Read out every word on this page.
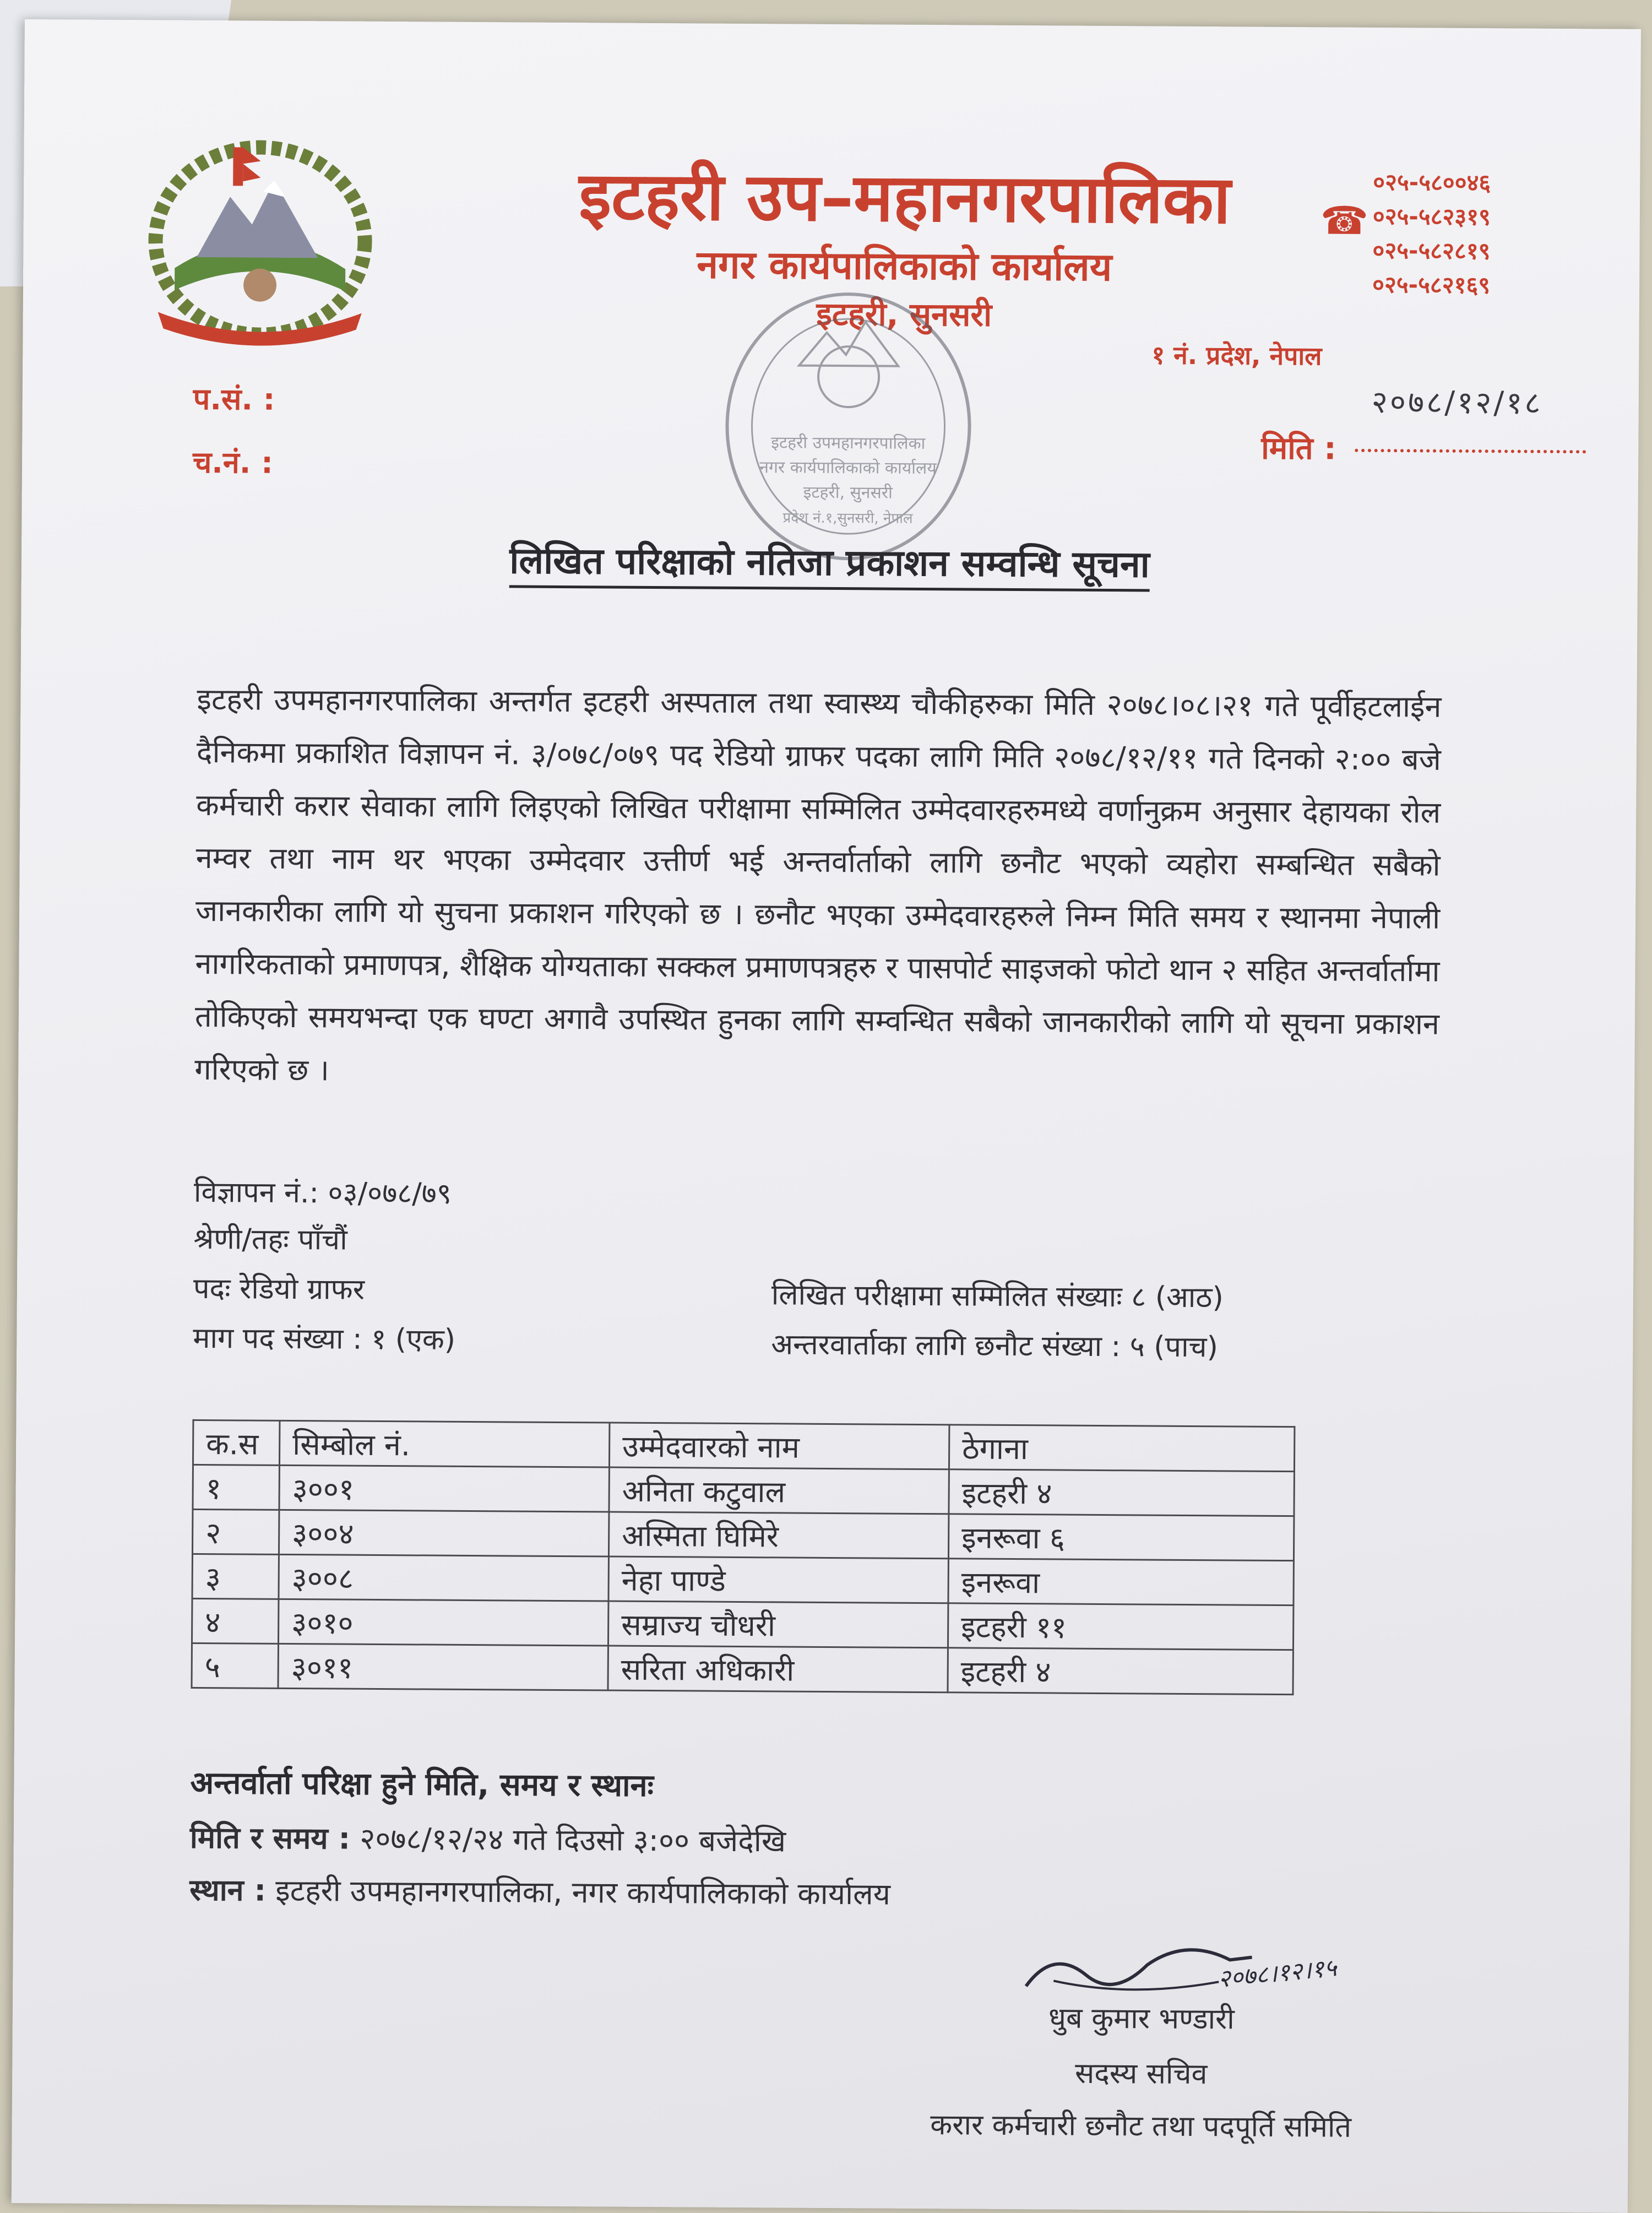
इटहरी उप–महानगरपालिका
नगर कार्यपालिकाको कार्यालय
इटहरी, सुनसरी
☎
०२५-५८००४६
०२५-५८२३१९
०२५-५८२८१९
०२५-५८२१६९
१ नं. प्रदेश, नेपाल
प.सं. :
च.नं. :
२०७८/१२/१८
मिति :
इटहरी उपमहानगरपालिका
नगर कार्यपालिकाको कार्यालय
इटहरी, सुनसरी
प्रदेश नं.१,सुनसरी, नेपाल
लिखित परिक्षाको नतिजा प्रकाशन सम्वन्धि सूचना
इटहरी उपमहानगरपालिका अन्तर्गत इटहरी अस्पताल तथा स्वास्थ्य चौकीहरुका मिति २०७८।०८।२१ गते पूर्वीहटलाईन दैनिकमा प्रकाशित विज्ञापन नं. ३/०७८/०७९ पद रेडियो ग्राफर पदका लागि मिति २०७८/१२/११ गते दिनको २:०० बजे कर्मचारी करार सेवाका लागि लिइएको लिखित परीक्षामा सम्मिलित उम्मेदवारहरुमध्ये वर्णानुक्रम अनुसार देहायका रोल नम्वर तथा नाम थर भएका उम्मेदवार उत्तीर्ण भई अन्तर्वार्ताको लागि छनौट भएको व्यहोरा सम्बन्धित सबैको जानकारीका लागि यो सुचना प्रकाशन गरिएको छ । छनौट भएका उम्मेदवारहरुले निम्न मिति समय र स्थानमा नेपाली नागरिकताको प्रमाणपत्र, शैक्षिक योग्यताका सक्कल प्रमाणपत्रहरु र पासपोर्ट साइजको फोटो थान २ सहित अन्तर्वार्तामा तोकिएको समयभन्दा एक घण्टा अगावै उपस्थित हुनका लागि सम्वन्धित सबैको जानकारीको लागि यो सूचना प्रकाशन गरिएको छ ।
विज्ञापन नं.: ०३/०७८/७९
श्रेणी/तहः पाँचौं
पदः रेडियो ग्राफर
माग पद संख्या : १ (एक)
लिखित परीक्षामा सम्मिलित संख्याः ८ (आठ)
अन्तरवार्ताका लागि छनौट संख्या : ५ (पाच)
क.स	सिम्बोल नं.	उम्मेदवारको नाम	ठेगाना
१	३००१	अनिता कटुवाल	इटहरी ४
२	३००४	अस्मिता घिमिरे	इनरूवा ६
३	३००८	नेहा पाण्डे	इनरूवा
४	३०१०	सम्राज्य चौधरी	इटहरी ११
५	३०११	सरिता अधिकारी	इटहरी ४
अन्तर्वार्ता परिक्षा हुने मिति, समय र स्थानः
मिति र समय : २०७८/१२/२४ गते दिउसो ३:०० बजेदेखि
स्थान : इटहरी उपमहानगरपालिका, नगर कार्यपालिकाको कार्यालय
२०७८।१२।१५
धुब कुमार भण्डारी
सदस्य सचिव
करार कर्मचारी छनौट तथा पदपूर्ति समिति
